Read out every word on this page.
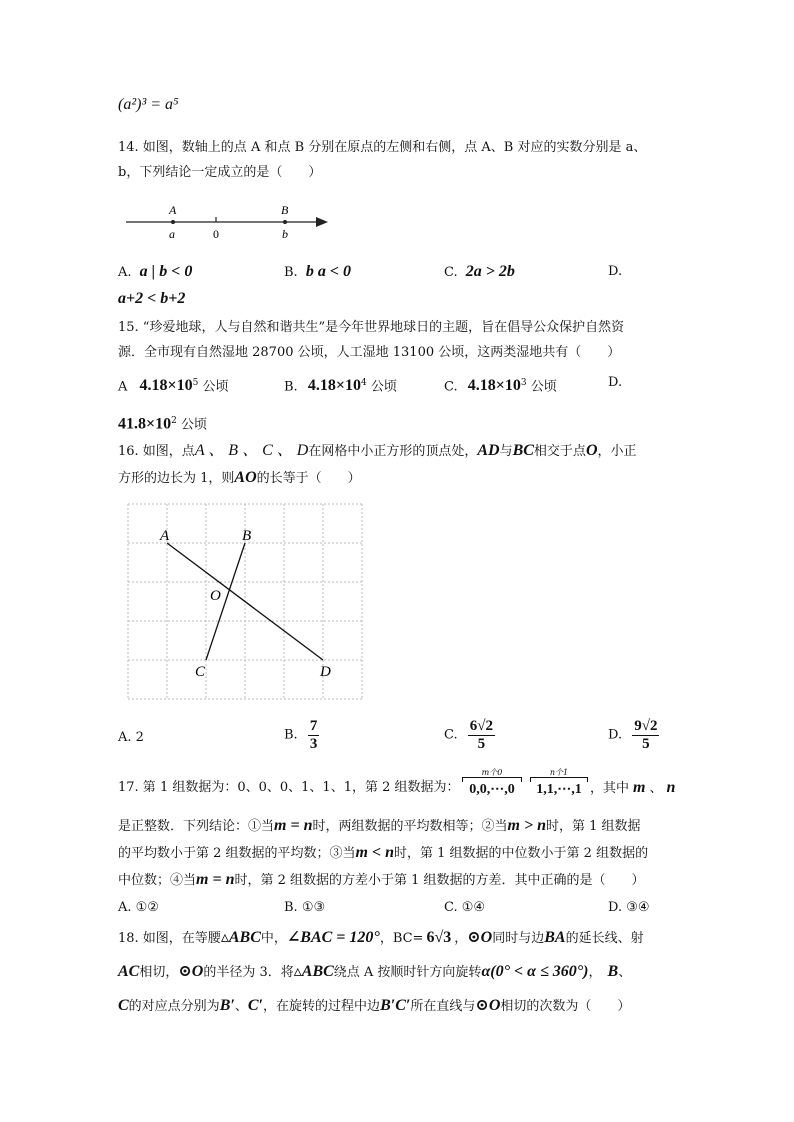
(a²)³ = a⁵
14. 如图，数轴上的点 A 和点 B 分别在原点的左侧和右侧，点 A、B 对应的实数分别是 a、
b，下列结论一定成立的是（　　）
A	B
a	0	b
A. a | b < 0	B. b a < 0	C. 2a > 2b	D.
a+2 < b+2
15. “珍爱地球，人与自然和谐共生”是今年世界地球日的主题，旨在倡导公众保护自然资
源．全市现有自然湿地 28700 公顷，人工湿地 13100 公顷，这两类湿地共有（　　）
A $4.18\times 10^5$ 公顷	B. $4.18\times 10^4$ 公顷	C. $4.18\times 10^3$ 公顷	D.
$41.8\times 10^2$ 公顷
16. 如图，点A 、 B 、 C 、 D在网格中小正方形的顶点处，AD与BC相交于点O，小正
方形的边长为 1，则AO的长等于（　　）
A	B
O
C	D
A. 2	B. $\frac{7}{3}$	C. $\frac{6√2}{5}$	D. $\frac{9√2}{5}$
17. 第 1 组数据为：0、0、0、1、1、1，第 2 组数据为：
m个0
0,0,⋯,0
n个1
1,1,⋯,1 ，其中 m 、 n
是正整数．下列结论：①当m = n时，两组数据的平均数相等；②当m > n时，第 1 组数据
的平均数小于第 2 组数据的平均数；③当m < n时，第 1 组数据的中位数小于第 2 组数据的
中位数；④当m = n时，第 2 组数据的方差小于第 1 组数据的方差．其中正确的是（　　）
A. ①②	B. ①③	C. ①④	D. ③④
18. 如图，在等腰▵ABC中，∠BAC = 120°，BC= 6√3 ，⊙O同时与边BA的延长线、射
AC相切，⊙O的半径为 3．将▵ABC绕点 A 按顺时针方向旋转α(0° < α ≤ 360°)， B、
C的对应点分别为B′、C′，在旋转的过程中边B′C′所在直线与⊙O相切的次数为（　　）
